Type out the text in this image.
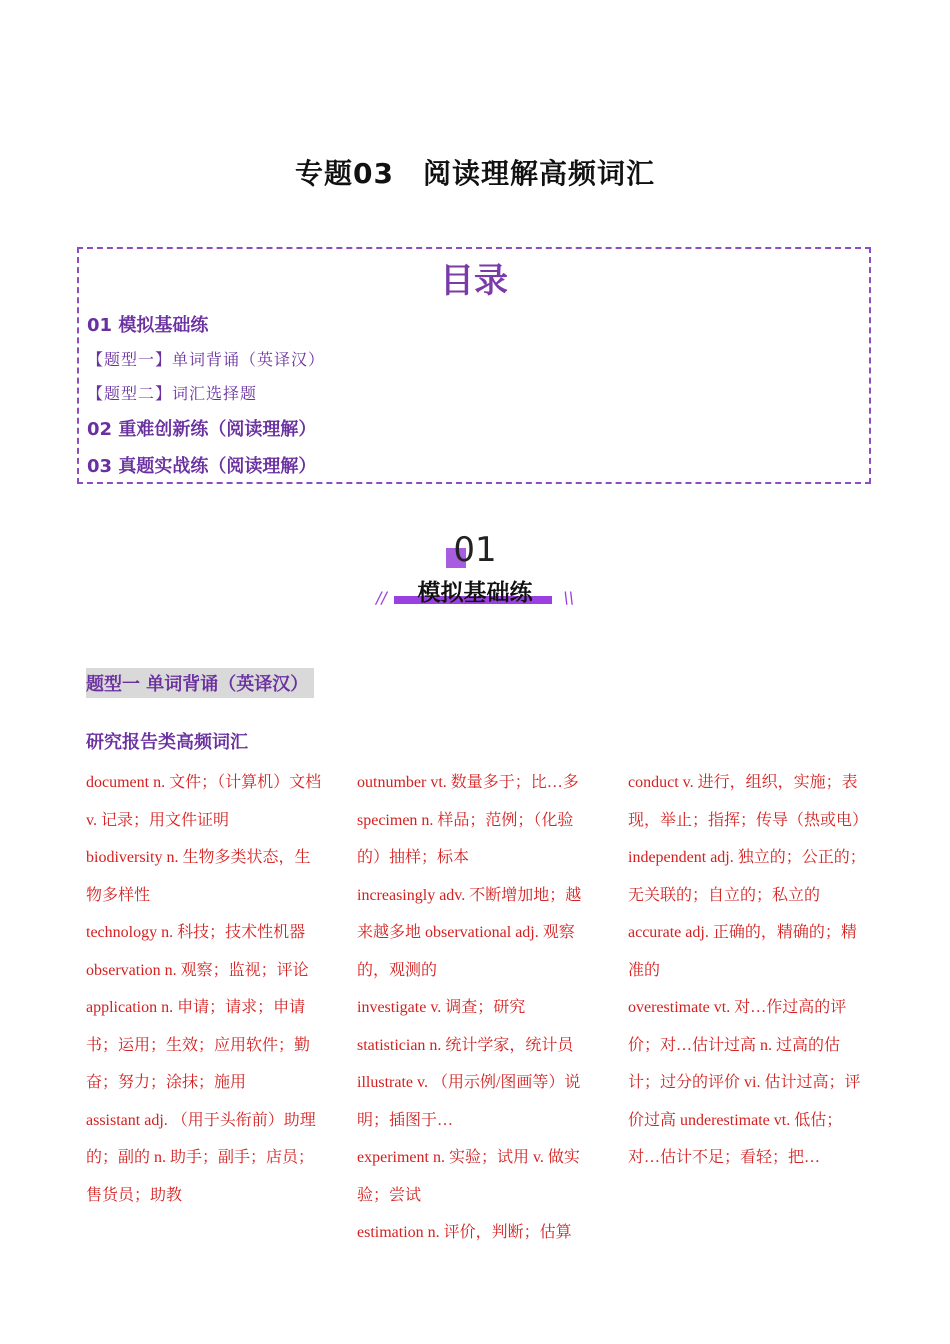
专题03　阅读理解高频词汇
目录
01 模拟基础练
【题型一】单词背诵（英译汉）
【题型二】词汇选择题
02 重难创新练（阅读理解）
03 真题实战练（阅读理解）
01
模拟基础练
//	\\
题型一 单词背诵（英译汉）
研究报告类高频词汇

document n. 文件；（计算机）文档 v. 记录；用文件证明

biodiversity n. 生物多类状态，生物多样性

technology n. 科技；技术性机器

observation n. 观察；监视；评论

application n. 申请；请求；申请书；运用；生效；应用软件；勤奋；努力；涂抹；施用

assistant adj. （用于头衔前）助理的；副的 n. 助手；副手；店员；售货员；助教

outnumber vt. 数量多于；比…多

specimen n. 样品；范例；（化验的）抽样；标本

increasingly adv. 不断增加地；越来越多地 observational adj. 观察的，观测的

investigate v. 调查；研究

statistician n. 统计学家，统计员

illustrate v. （用示例/图画等）说明；插图于…

experiment n. 实验；试用 v. 做实验；尝试

estimation n. 评价，判断；估算

conduct v. 进行，组织，实施；表现，举止；指挥；传导（热或电）

independent adj. 独立的；公正的；无关联的；自立的；私立的

accurate adj. 正确的，精确的；精准的

overestimate vt. 对…作过高的评价；对…估计过高 n. 过高的估计；过分的评价 vi. 估计过高；评价过高 underestimate vt. 低估；对…估计不足；看轻；把…
